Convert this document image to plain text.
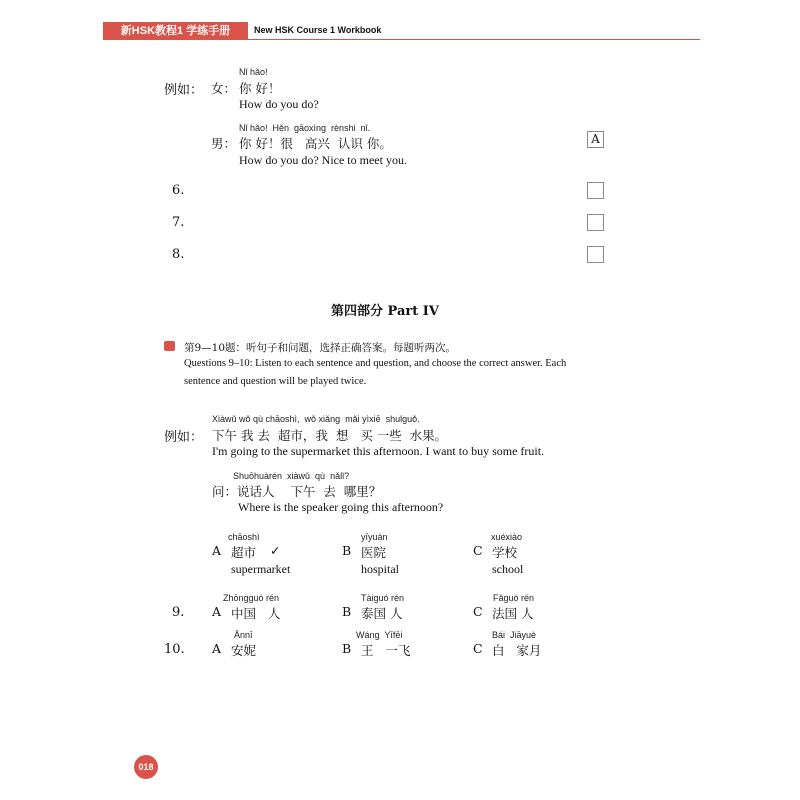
新HSK教程1 学练手册	New HSK Course 1 Workbook
例如：
Nǐ hǎo!
女： 你 好！
How do you do?
Nǐ hǎo!  Hěn  gāoxìng  rènshi  nǐ.
男： 你 好！很   高兴  认识 你。
How do you do? Nice to meet you.
A
6.
7.
8.
第四部分 Part IV
第9—10题：听句子和问题，选择正确答案。每题听两次。
Questions 9–10: Listen to each sentence and question, and choose the correct answer. Each
sentence and question will be played twice.
例如：
Xiàwǔ wǒ qù chāoshì,  wǒ xiǎng  mǎi yìxiē  shuǐguǒ.
下午 我 去  超市，我  想   买 一些  水果。
I'm going to the supermarket this afternoon. I want to buy some fruit.
Shuōhuàrén  xiàwǔ  qù  nǎlǐ?
问：说话人    下午  去  哪里？
Where is the speaker going this afternoon?
chāoshì
A 超市 ✓
supermarket
yīyuàn
B 医院
hospital
xuéxiào
C 学校
school
9.
Zhōngguó rén
A 中国   人
Tàiguó rén
B 泰国 人
Fǎguó rén
C 法国 人
10.
Ānnī
A 安妮
Wáng  Yīfēi
B 王   一飞
Bái  Jiāyuè
C 白   家月
018
